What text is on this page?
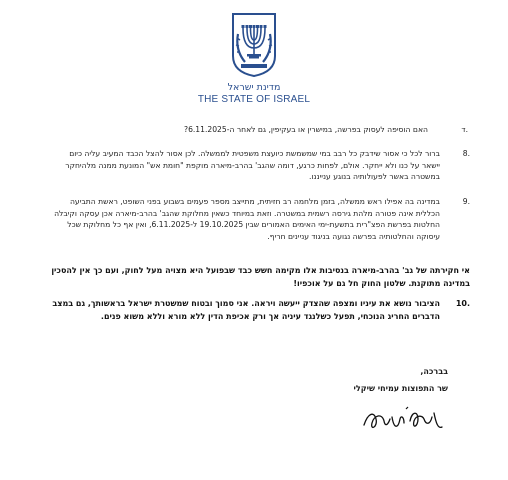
מדינת ישראל
THE STATE OF ISRAEL
ד.
האם הוסיפה לעסוק בפרשה, במישרין או בעקיפין, גם לאחר ה-6.11.2025?
8.
ברור לכל כי אסור שידבק כל רבב במי שמשמשת כיועצת משפטית לממשלה. לכן אסור להצל הכבד המעיב עליה כיום יישאר על כנו ולא ייחקר. אולם, לפחות כרגע, דומה שהגב' בהרב-מיארה מוקפת "חומת אש" המונעת ממנה מלהיחקר במשטרה באשר לפעולותיה בנוגע ענייננו.
9.
במדינה בה אפילו ראש ממשלה, בזמן מלחמה רב חזיתית, מתייצב מספר פעמים בשבוע בפני השופט, ראשת התביעה הכללית אינה פטורה מלהת גירסה רשמית במשטרה. וזאת במיוחד כשאין מחלוקת שהגב' בהרב-מיארה אכן עסקה וקיבלה החלטות בפרשת הפצ"רית בתשעת-ימי האימים האמורים שבין 19.10.2025 ל-6.11.2025, ואין אף כל מחלוקת שכל עיסוקה והחלטותיה בפרשה נגועה בניגוד עניינים חריף.
אי חקירתה של גב' בהרב-מיארה בנסיבות אלו מקימה חשש כבד שבפועל היא מצויה מעל לחוק, ועם כך אין להסכין במדינה מתוקנת. שלטון החוק חל גם על אוכפיו!
10.
הציבור נושא את עיניו ומצפה שהצדק ייעשה ויראה. אני סמוך ובטוח שמשטרת ישראל בראשותך, גם במצב הדברים החריג הנוכחי, תפעל כשלנגד עיניה אך ורק אכיפת הדין ללא מורא וללא משוא פנים.
בברכה,
שר התפוצות עמיחי שיקלי
